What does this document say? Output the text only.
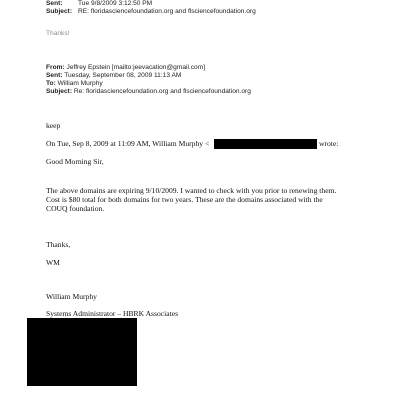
Sent: Tue 9/8/2009 3:12:50 PM
Subject: RE: floridasciencefoundation.org and flsciencefoundation.org
Thanks!
From: Jeffrey Epstein [mailto:jeevacation@gmail.com]
Sent: Tuesday, September 08, 2009 11:13 AM
To: William Murphy
Subject: Re: floridasciencefoundation.org and flsciencefoundation.org
keep
On Tue, Sep 8, 2009 at 11:09 AM, William Murphy <	wrote:
Good Morning Sir,
The above domains are expiring 9/10/2009. I wanted to check with you prior to renewing them.
Cost is $80 total for both domains for two years. These are the domains associated with the
COUQ foundation.
Thanks,
WM
William Murphy
Systems Administrator – HBRK Associates
